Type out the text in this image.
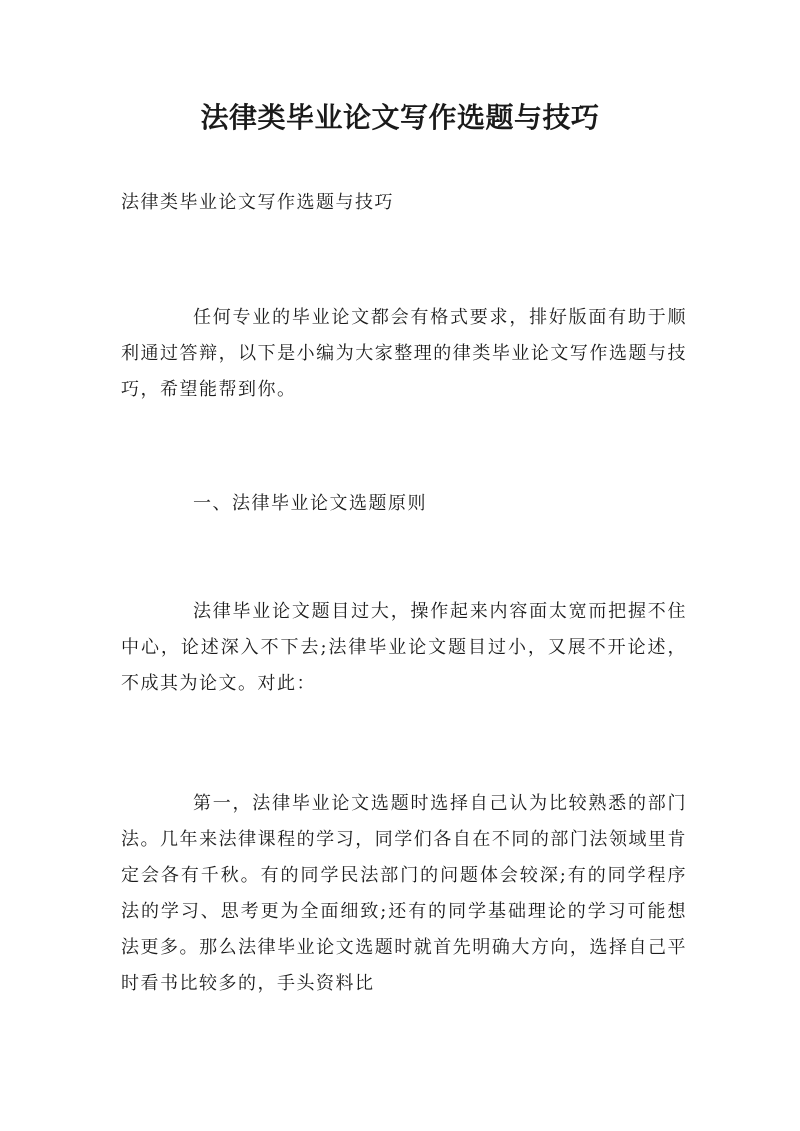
法律类毕业论文写作选题与技巧
法律类毕业论文写作选题与技巧

任何专业的毕业论文都会有格式要求，排好版面有助于顺利通过答辩，以下是小编为大家整理的律类毕业论文写作选题与技巧，希望能帮到你。

一、法律毕业论文选题原则

法律毕业论文题目过大，操作起来内容面太宽而把握不住中心，论述深入不下去;法律毕业论文题目过小，又展不开论述，不成其为论文。对此：

第一，法律毕业论文选题时选择自己认为比较熟悉的部门法。几年来法律课程的学习，同学们各自在不同的部门法领域里肯定会各有千秋。有的同学民法部门的问题体会较深;有的同学程序法的学习、思考更为全面细致;还有的同学基础理论的学习可能想法更多。那么法律毕业论文选题时就首先明确大方向，选择自己平时看书比较多的，手头资料比
